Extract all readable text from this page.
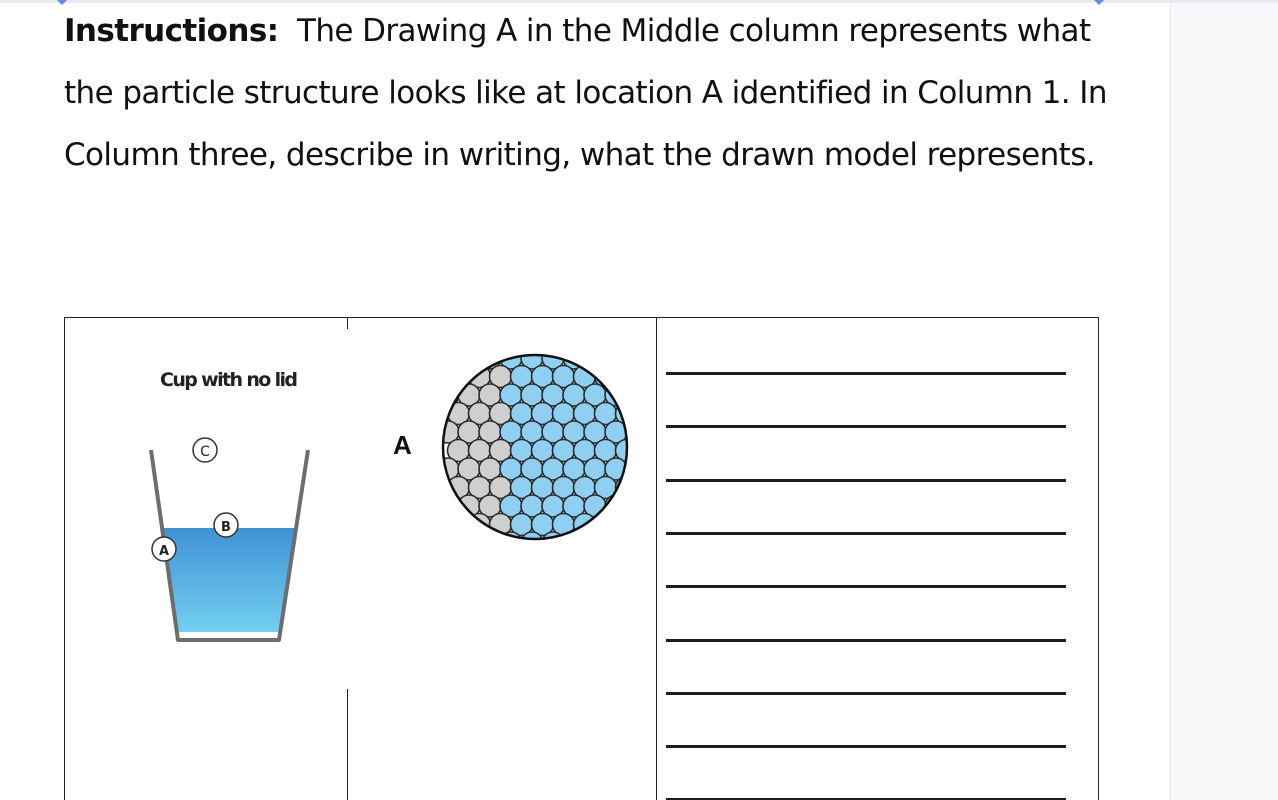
Instructions: The Drawing A in the Middle column represents what the particle structure looks like at location A identified in Column 1. In Column three, describe in writing, what the drawn model represents.

Cup with no lid
C
B
A
A
